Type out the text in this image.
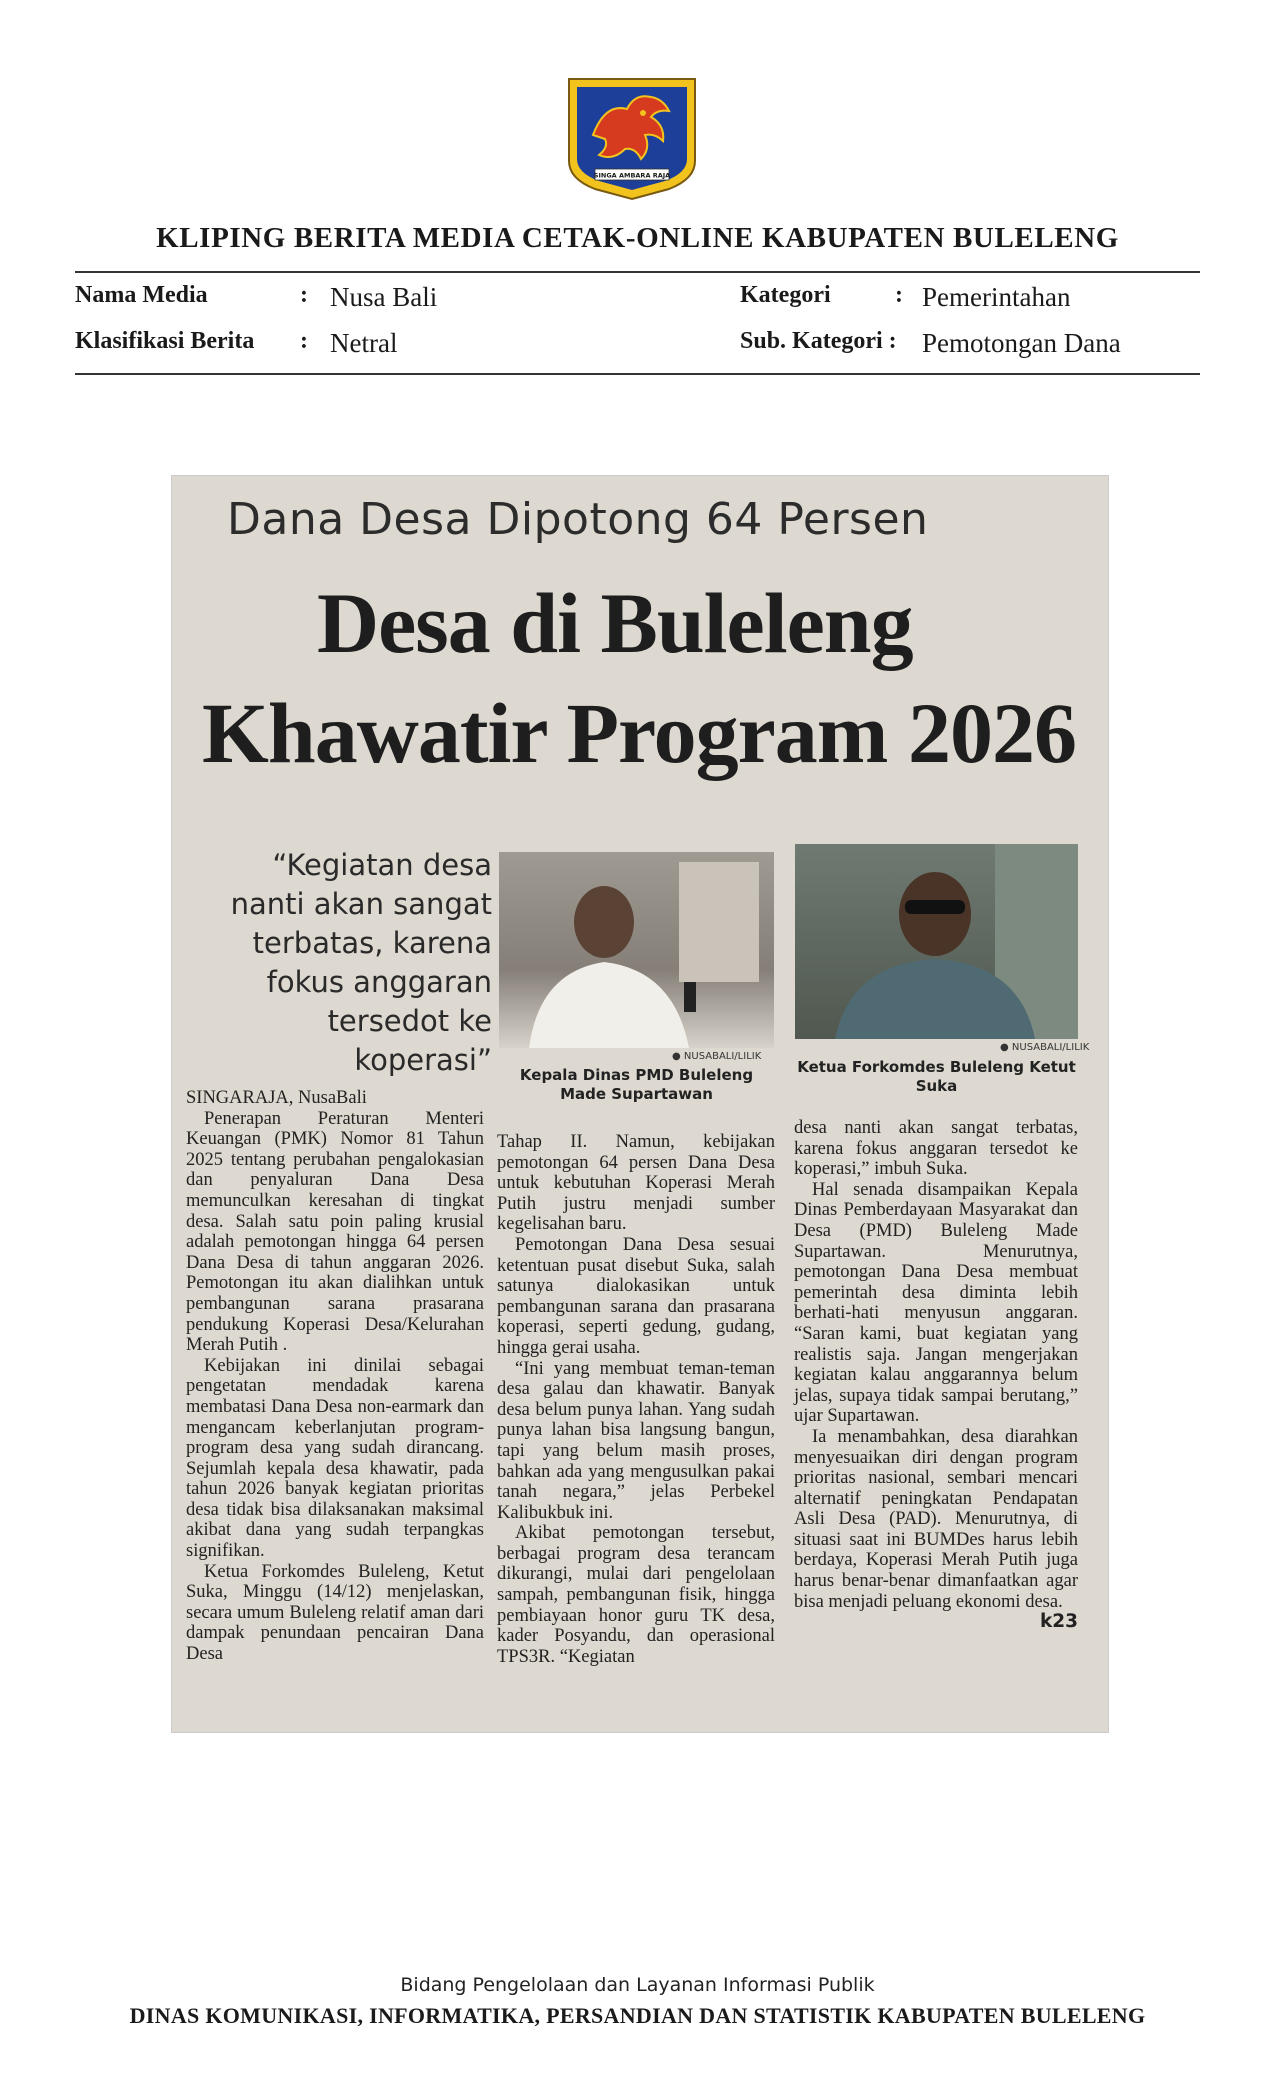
SINGA AMBARA RAJA
KLIPING BERITA MEDIA CETAK-ONLINE KABUPATEN BULELENG
Nama Media	: Nusa Bali
Klasifikasi Berita : Netral
Kategori	: Pemerintahan
Sub. Kategori : Pemotongan Dana
Dana Desa Dipotong 64 Persen
Desa di Buleleng
Khawatir Program 2026
“Kegiatan desa nanti akan sangat terbatas, karena fokus anggaran tersedot ke koperasi”	● NUSABALI/LILIK
Kepala Dinas PMD Buleleng Made Supartawan
● NUSABALI/LILIK
Ketua Forkomdes Buleleng Ketut Suka

SINGARAJA, NusaBali

Penerapan Peraturan Menteri Keuangan (PMK) Nomor 81 Tahun 2025 tentang perubahan pengalokasian dan penyaluran Dana Desa memunculkan keresahan di tingkat desa. Salah satu poin paling krusial adalah pemotongan hingga 64 persen Dana Desa di tahun anggaran 2026. Pemotongan itu akan dialihkan untuk pembangunan sarana prasarana pendukung Koperasi Desa/Kelurahan Merah Putih .

Kebijakan ini dinilai sebagai pengetatan mendadak karena membatasi Dana Desa non-earmark dan mengancam keberlanjutan program-program desa yang sudah dirancang. Sejumlah kepala desa khawatir, pada tahun 2026 banyak kegiatan prioritas desa tidak bisa dilaksanakan maksimal akibat dana yang sudah terpangkas signifikan.

Ketua Forkomdes Buleleng, Ketut Suka, Minggu (14/12) menjelaskan, secara umum Buleleng relatif aman dari dampak penundaan pencairan Dana Desa

Tahap II. Namun, kebijakan pemotongan 64 persen Dana Desa untuk kebutuhan Koperasi Merah Putih justru menjadi sumber kegelisahan baru.

Pemotongan Dana Desa sesuai ketentuan pusat disebut Suka, salah satunya dialokasikan untuk pembangunan sarana dan prasarana koperasi, seperti gedung, gudang, hingga gerai usaha.

“Ini yang membuat teman-teman desa galau dan khawatir. Banyak desa belum punya lahan. Yang sudah punya lahan bisa langsung bangun, tapi yang belum masih proses, bahkan ada yang mengusulkan pakai tanah negara,” jelas Perbekel Kalibukbuk ini.

Akibat pemotongan tersebut, berbagai program desa terancam dikurangi, mulai dari pengelolaan sampah, pembangunan fisik, hingga pembiayaan honor guru TK desa, kader Posyandu, dan operasional TPS3R. “Kegiatan

desa nanti akan sangat terbatas, karena fokus anggaran tersedot ke koperasi,” imbuh Suka.

Hal senada disampaikan Kepala Dinas Pemberdayaan Masyarakat dan Desa (PMD) Buleleng Made Supartawan. Menurutnya, pemotongan Dana Desa membuat pemerintah desa diminta lebih berhati-hati menyusun anggaran. “Saran kami, buat kegiatan yang realistis saja. Jangan mengerjakan kegiatan kalau anggarannya belum jelas, supaya tidak sampai berutang,” ujar Supartawan.

Ia menambahkan, desa diarahkan menyesuaikan diri dengan program prioritas nasional, sembari mencari alternatif peningkatan Pendapatan Asli Desa (PAD). Menurutnya, di situasi saat ini BUMDes harus lebih berdaya, Koperasi Merah Putih juga harus benar-benar dimanfaatkan agar bisa menjadi peluang ekonomi desa.

k23

Bidang Pengelolaan dan Layanan Informasi Publik
DINAS KOMUNIKASI, INFORMATIKA, PERSANDIAN DAN STATISTIK KABUPATEN BULELENG
